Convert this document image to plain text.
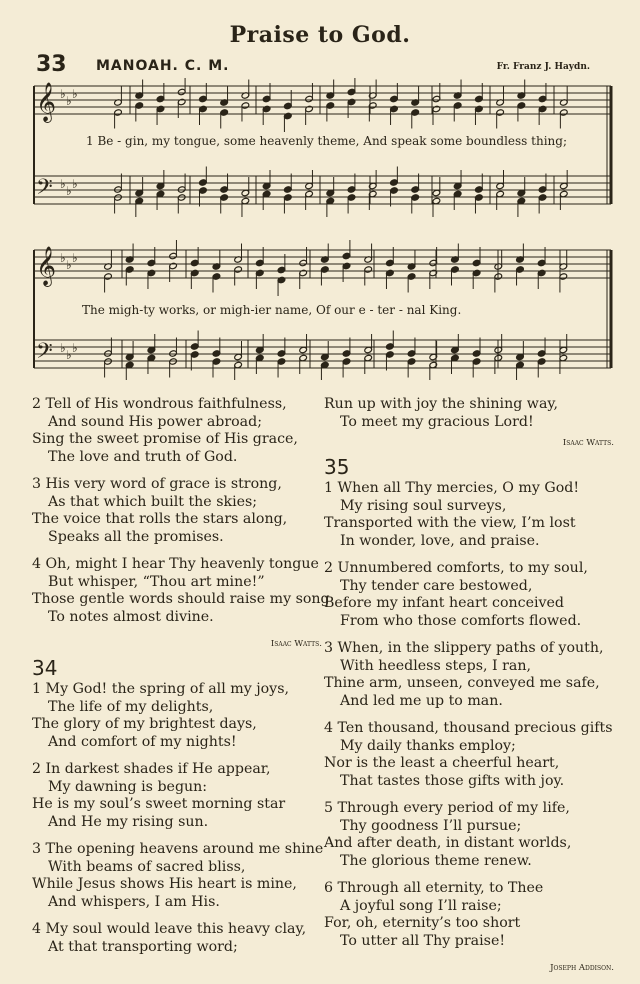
Praise to God.
33 MANOAH. C. M.	Fr. Franz J. Haydn.
𝄞 ♭ ♭ ♭
𝄢 ♭ ♭ ♭
1 Be - gin, my tongue, some heavenly theme, And speak some boundless thing;
𝄞 ♭ ♭ ♭
𝄢 ♭ ♭ ♭
The migh-ty works, or migh-ier name, Of our e - ter - nal King.
2 Tell of His wondrous faithfulness,
And sound His power abroad;
Sing the sweet promise of His grace,
The love and truth of God.
3 His very word of grace is strong,
As that which built the skies;
The voice that rolls the stars along,
Speaks all the promises.
4 Oh, might I hear Thy heavenly tongue
But whisper, “Thou art mine!”
Those gentle words should raise my song
To notes almost divine.
Isaac Watts.
34
1 My God! the spring of all my joys,
The life of my delights,
The glory of my brightest days,
And comfort of my nights!
2 In darkest shades if He appear,
My dawning is begun:
He is my soul’s sweet morning star
And He my rising sun.
3 The opening heavens around me shine
With beams of sacred bliss,
While Jesus shows His heart is mine,
And whispers, I am His.
4 My soul would leave this heavy clay,
At that transporting word;
Run up with joy the shining way,
To meet my gracious Lord!
Isaac Watts.
35
1 When all Thy mercies, O my God!
My rising soul surveys,
Transported with the view, I’m lost
In wonder, love, and praise.
2 Unnumbered comforts, to my soul,
Thy tender care bestowed,
Before my infant heart conceived
From who those comforts flowed.
3 When, in the slippery paths of youth,
With heedless steps, I ran,
Thine arm, unseen, conveyed me safe,
And led me up to man.
4 Ten thousand, thousand precious gifts
My daily thanks employ;
Nor is the least a cheerful heart,
That tastes those gifts with joy.
5 Through every period of my life,
Thy goodness I’ll pursue;
And after death, in distant worlds,
The glorious theme renew.
6 Through all eternity, to Thee
A joyful song I’ll raise;
For, oh, eternity’s too short
To utter all Thy praise!
Joseph Addison.
